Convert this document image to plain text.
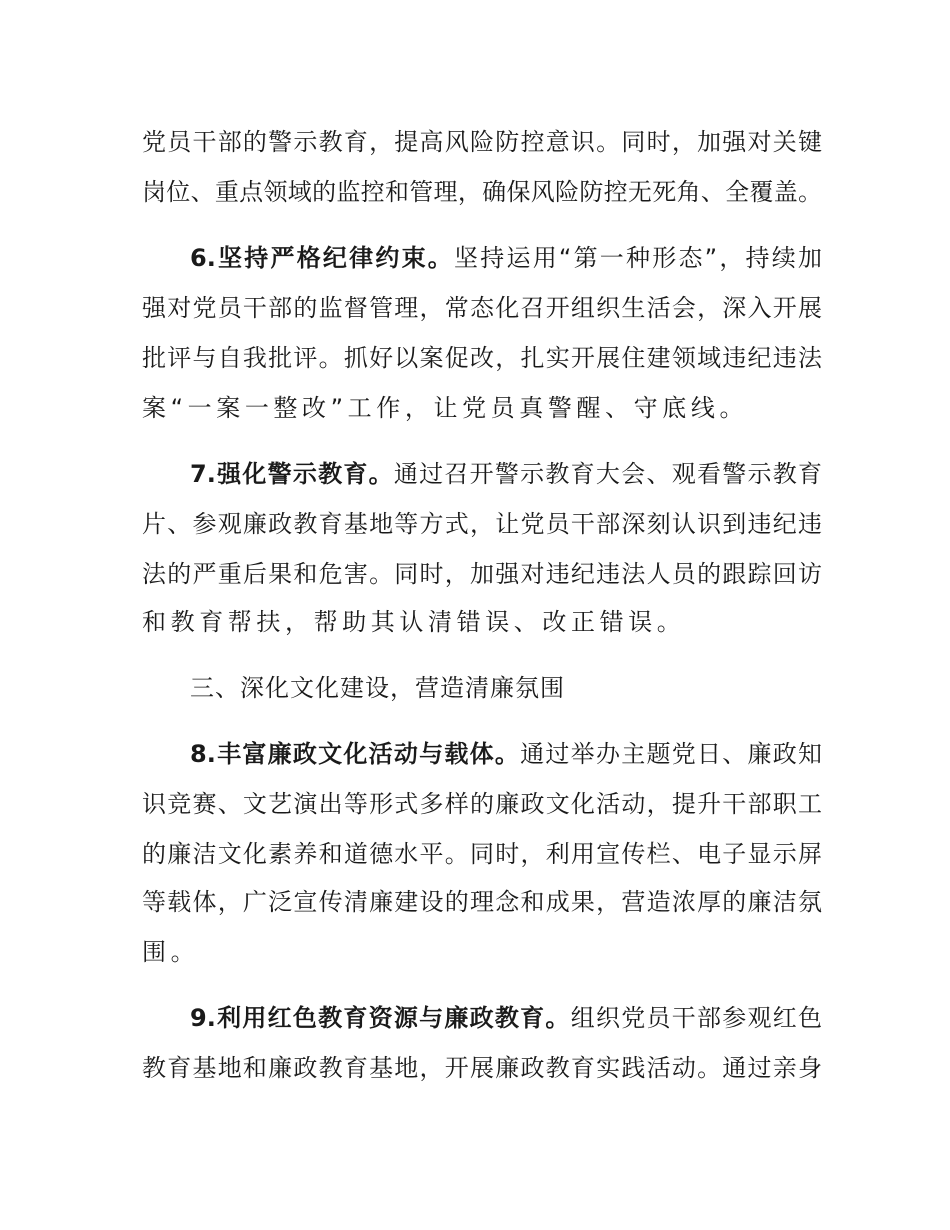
党员干部的警示教育，提高风险防控意识。同时，加强对关键
岗位、重点领域的监控和管理，确保风险防控无死角、全覆盖。
6.坚持严格纪律约束。坚持运用“第一种形态”，持续加
强对党员干部的监督管理，常态化召开组织生活会，深入开展
批评与自我批评。抓好以案促改，扎实开展住建领域违纪违法
案“一案一整改”工作，让党员真警醒、守底线。
7.强化警示教育。通过召开警示教育大会、观看警示教育
片、参观廉政教育基地等方式，让党员干部深刻认识到违纪违
法的严重后果和危害。同时，加强对违纪违法人员的跟踪回访
和教育帮扶，帮助其认清错误、改正错误。
三、深化文化建设，营造清廉氛围
8.丰富廉政文化活动与载体。通过举办主题党日、廉政知
识竞赛、文艺演出等形式多样的廉政文化活动，提升干部职工
的廉洁文化素养和道德水平。同时，利用宣传栏、电子显示屏
等载体，广泛宣传清廉建设的理念和成果，营造浓厚的廉洁氛
围。
9.利用红色教育资源与廉政教育。组织党员干部参观红色
教育基地和廉政教育基地，开展廉政教育实践活动。通过亲身
